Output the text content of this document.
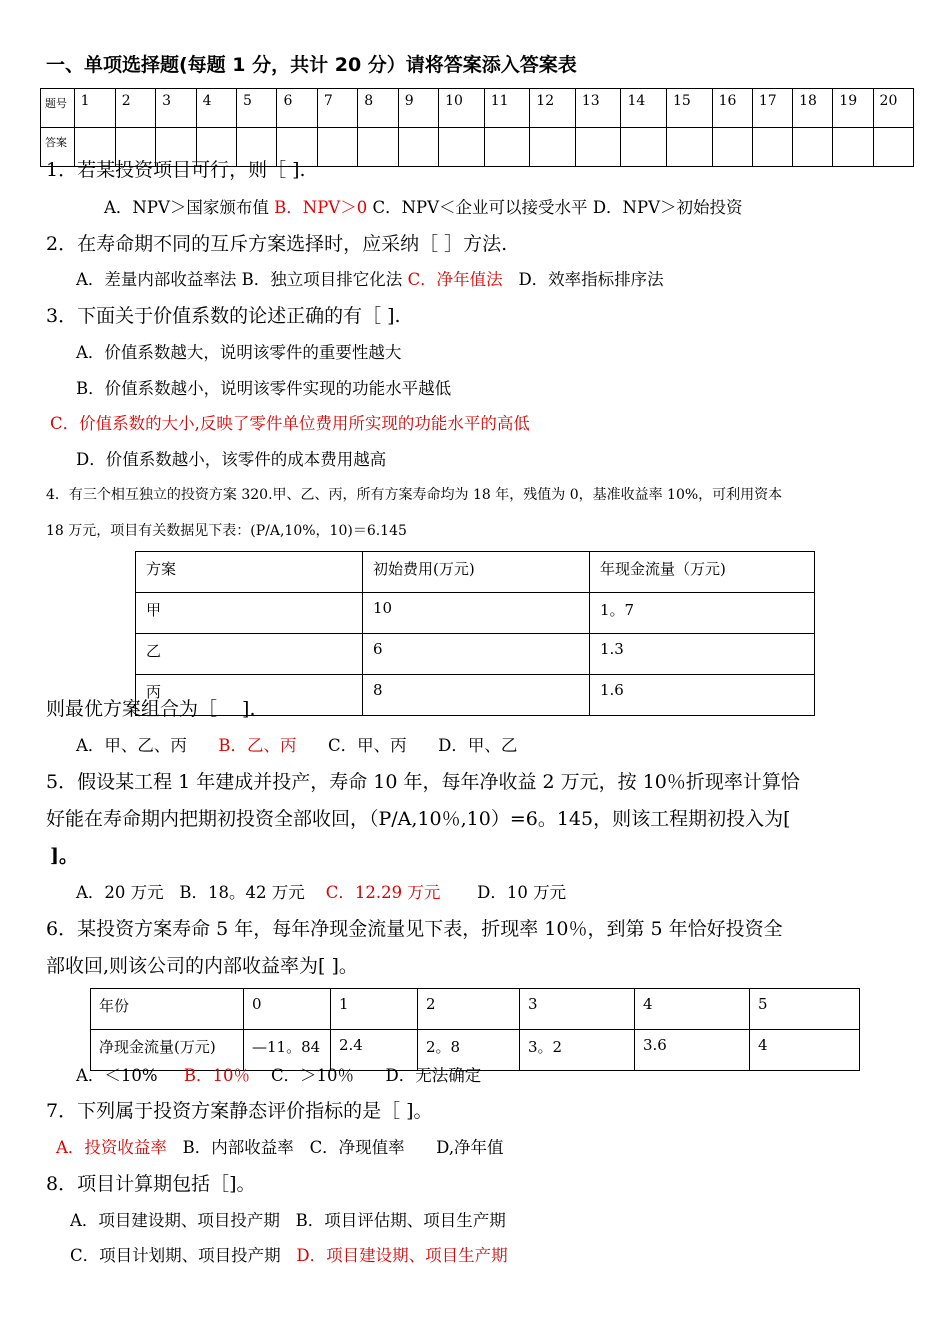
一、单项选择题(每题 1 分，共计 20 分）请将答案添入答案表
题号	1	2	3	4	5	6	7	8	9	10	11	12	13	14	15	16	17	18	19	20
答案																				
1．若某投资项目可行，则［ ].
A．NPV＞国家颁布值 B．NPV＞0 C．NPV＜企业可以接受水平 D．NPV＞初始投资
2．在寿命期不同的互斥方案选择时，应采纳［ ］方法.
A．差量内部收益率法 B．独立项目排它化法 C．净年值法 D．效率指标排序法
3．下面关于价值系数的论述正确的有［ ].
A．价值系数越大，说明该零件的重要性越大
B．价值系数越小，说明该零件实现的功能水平越低
C．价值系数的大小,反映了零件单位费用所实现的功能水平的高低
D．价值系数越小，该零件的成本费用越高
4．有三个相互独立的投资方案 320.甲、乙、丙，所有方案寿命均为 18 年，残值为 0，基准收益率 10%，可利用资本
18 万元，项目有关数据见下表：(P/A,10%，10)＝6.145
方案	初始费用(万元)	年现金流量（万元)
甲	10	1。7
乙	6	1.3
丙	8	1.6
则最优方案组合为［　 ].
A．甲、乙、丙 B．乙、丙 C．甲、丙 D．甲、乙
5．假设某工程 1 年建成并投产，寿命 10 年，每年净收益 2 万元，按 10％折现率计算恰
好能在寿命期内把期初投资全部收回，（P/A,10％,10）=6。145，则该工程期初投入为[
]。
A．20 万元 B．18。42 万元 C．12.29 万元 D．10 万元
6．某投资方案寿命 5 年，每年净现金流量见下表，折现率 10％，到第 5 年恰好投资全
部收回,则该公司的内部收益率为[ ]。
年份	0	1	2	3	4	5
净现金流量(万元)	—11。84	2.4	2。8	3。2	3.6	4
A．＜10% B．10％ C．＞10％ D．无法确定
7．下列属于投资方案静态评价指标的是［ ]。
A．投资收益率 B．内部收益率 C．净现值率 D,净年值
8．项目计算期包括［]。
A．项目建设期、项目投产期 B．项目评估期、项目生产期
C．项目计划期、项目投产期 D．项目建设期、项目生产期
